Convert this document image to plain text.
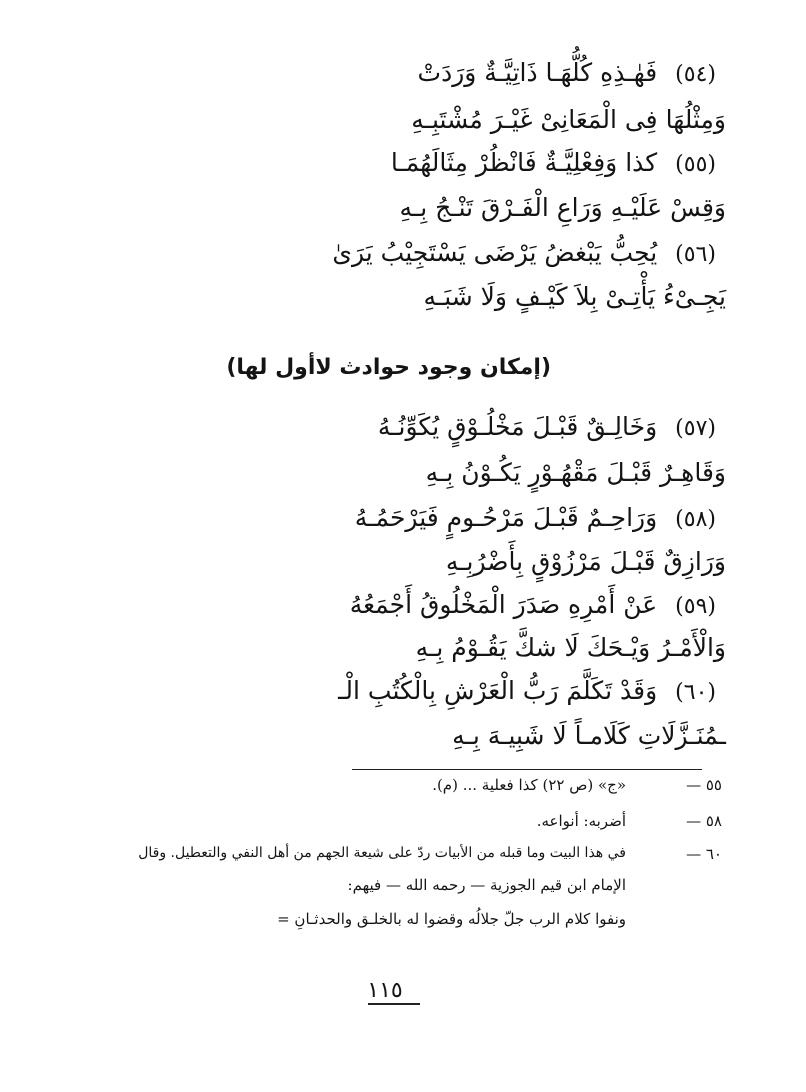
(٥٤)فَهٰـذِهِ كُلُّهَـا ذَاتِيَّـةٌ وَرَدَتْ
وَمِثْلُهَا فِى الْمَعَانِىْ غَيْـرَ مُشْتَبِـهِ
(٥٥)كذا وَفِعْلِيَّـةٌ فَانْظُرْ مِثَالَهُمَـا
وَقِسْ عَلَيْـهِ وَرَاعِ الْفَـرْقَ تَنْـجُ بِـهِ
(٥٦)يُحِبُّ يَبْغضُ يَرْضَى يَسْتَجِيْبُ يَرَىٰ
يَجِـىْءُ يَأْتِـىْ بِلاَ كَيْـفٍ وَلَا شَبَـهِ
(إمكان وجود حوادث لاأول لها)
(٥٧)وَخَالِـقٌ قَبْـلَ مَخْلُـوْقٍ يُكَوِّنُـهُ
وَقَاهِـرٌ قَبْـلَ مَقْهُـوْرٍ يَكُـوْنُ بِـهِ
(٥٨)وَرَاحِـمٌ قَبْـلَ مَرْحُـومٍ فَيَرْحَمُـهُ
وَرَازِقٌ قَبْـلَ مَرْزُوْقٍ بِأَضْرُبِـهِ
(٥٩)عَنْ أَمْرِهِ صَدَرَ الْمَخْلُوقُ أَجْمَعُهُ
وَالْأَمْـرُ وَيْـحَكَ لَا شكَّ يَقُـوْمُ بِـهِ
(٦٠)وَقَدْ تَكَلَّمَ رَبُّ الْعَرْشِ بِالْكُتُبِ الْـ
ـمُنَـزَّلَاتِ كَلَامـاً لَا شَبِيـهَ بِـهِ
٥٥ —
«ج» (ص ٢٢) كذا فعلية ... (م).
٥٨ —
أضربه: أنواعه.
٦٠ —
في هذا البيت وما قبله من الأبيات ردّ على شيعة الجهم من أهل النفي والتعطيل. وقال
الإمام ابن قيم الجوزية — رحمه الله — فيهم:
ونفوا كلام الرب جلّ جلالُه وقضوا له بالخلـق والحدثـانِ =
١١٥
